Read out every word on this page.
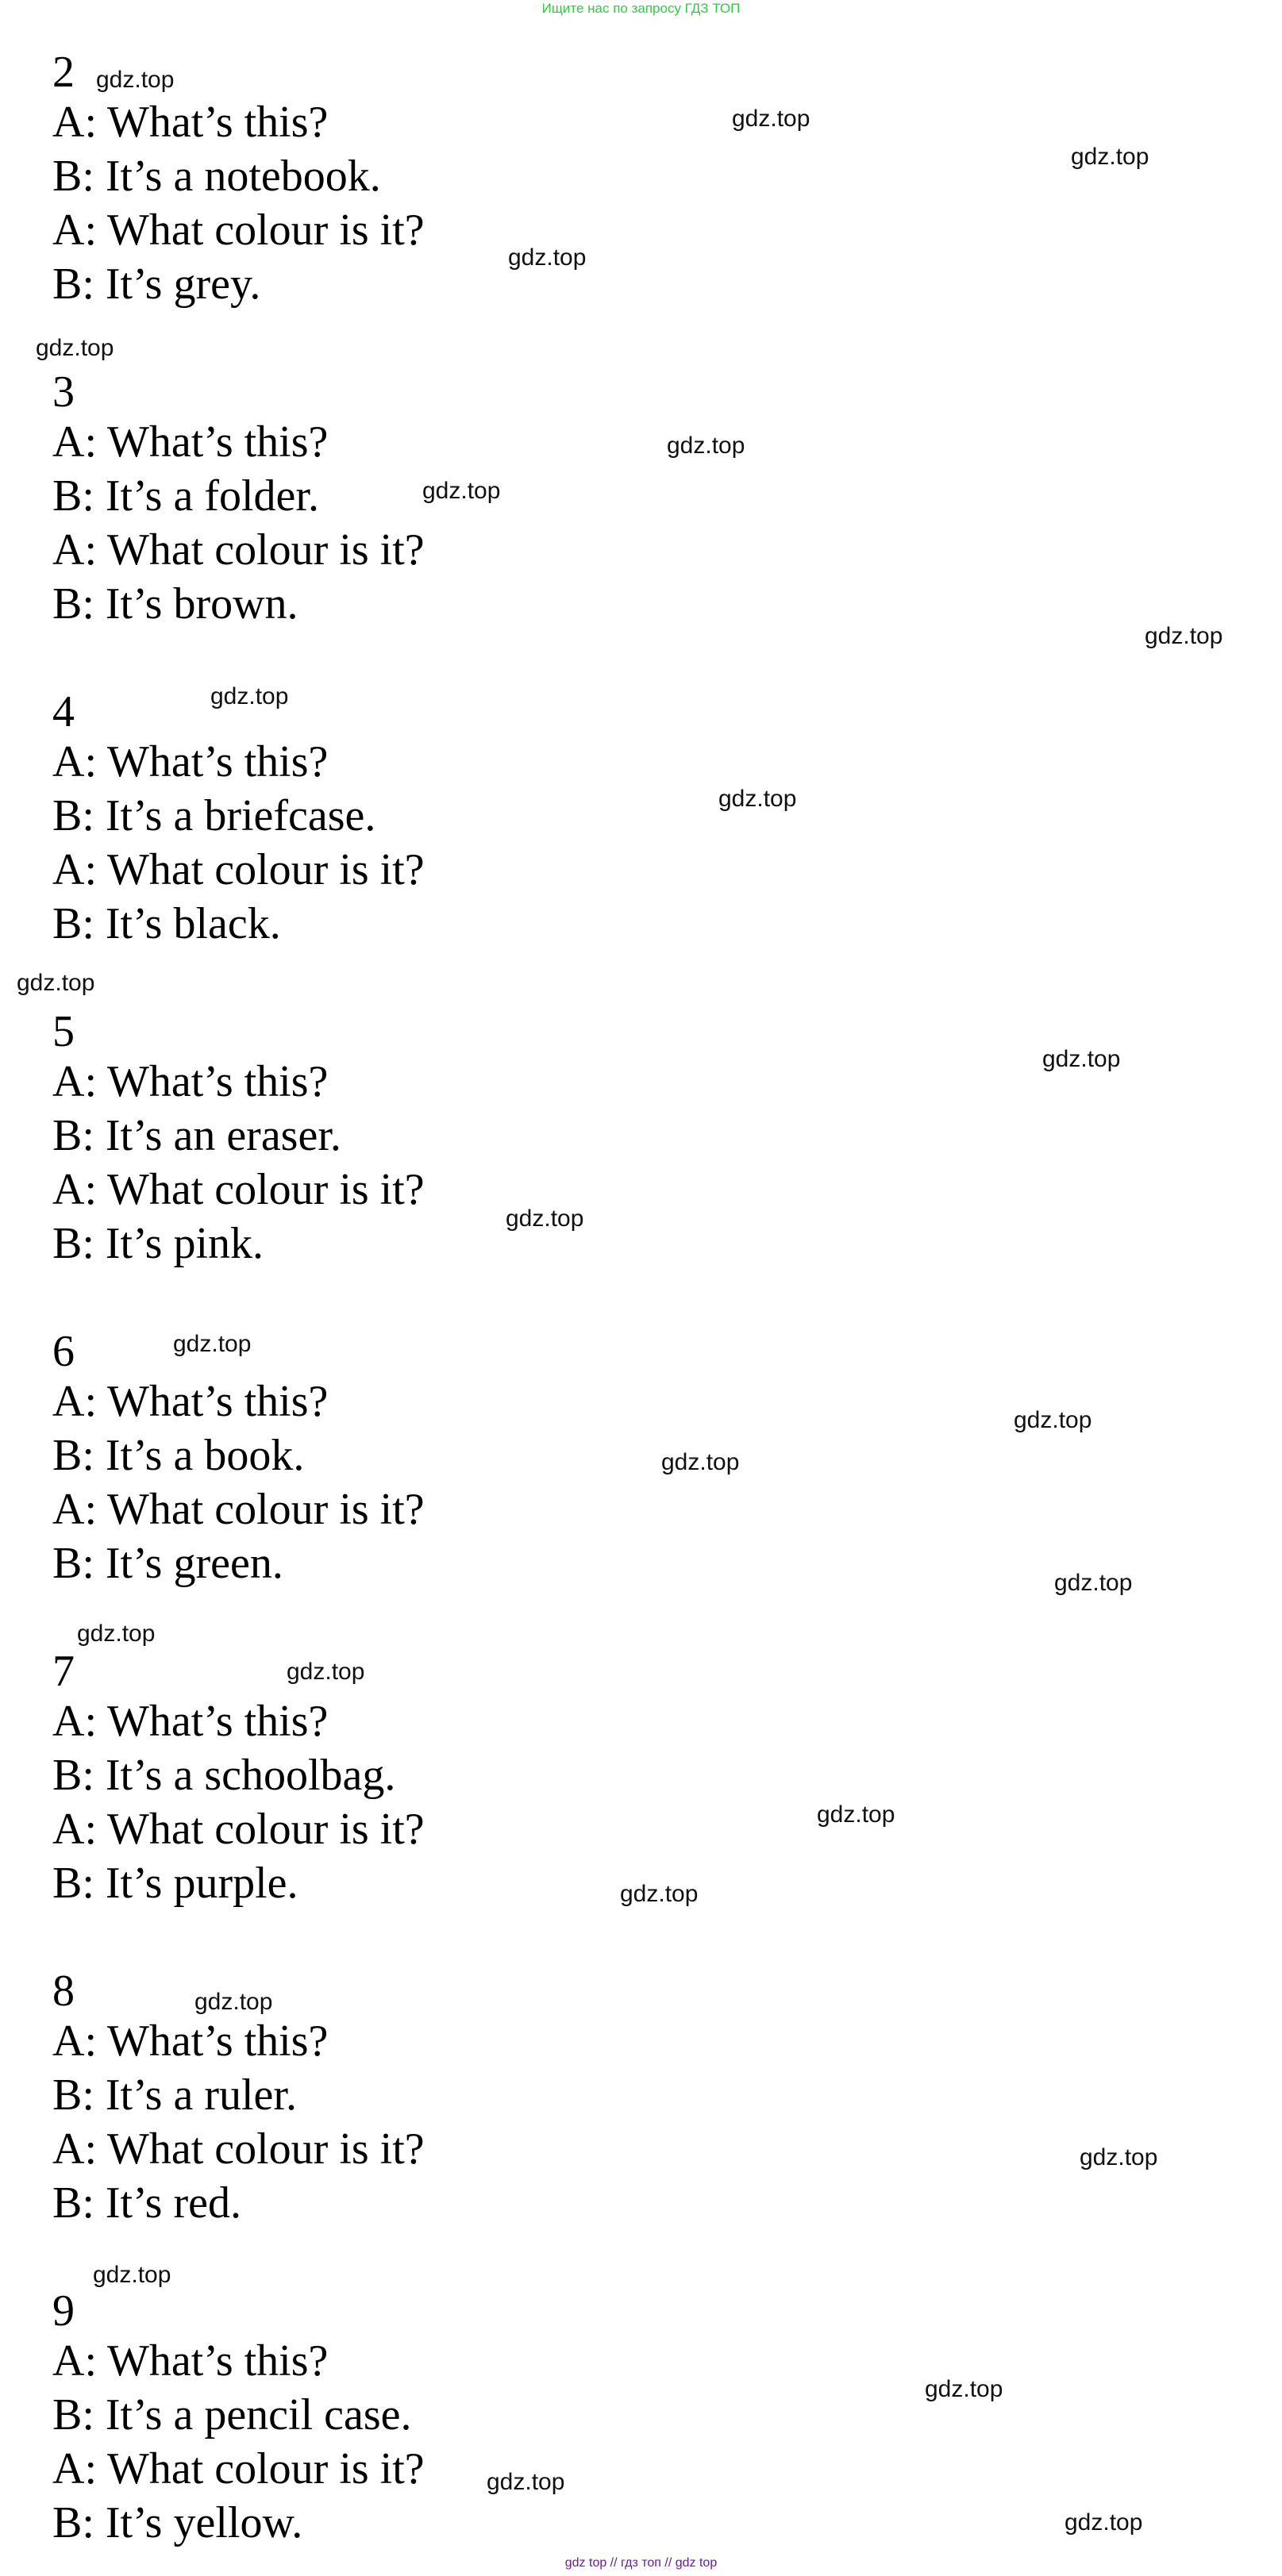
Ищите нас по запросу ГДЗ ТОП
2
A: What’s this?
B: It’s a notebook.
A: What colour is it?
B: It’s grey.
3
A: What’s this?
B: It’s a folder.
A: What colour is it?
B: It’s brown.
4
A: What’s this?
B: It’s a briefcase.
A: What colour is it?
B: It’s black.
5
A: What’s this?
B: It’s an eraser.
A: What colour is it?
B: It’s pink.
6
A: What’s this?
B: It’s a book.
A: What colour is it?
B: It’s green.
7
A: What’s this?
B: It’s a schoolbag.
A: What colour is it?
B: It’s purple.
8
A: What’s this?
B: It’s a ruler.
A: What colour is it?
B: It’s red.
9
A: What’s this?
B: It’s a pencil case.
A: What colour is it?
B: It’s yellow.
gdz.top
gdz.top
gdz.top
gdz.top
gdz.top
gdz.top
gdz.top
gdz.top
gdz.top
gdz.top
gdz.top
gdz.top
gdz.top
gdz.top
gdz.top
gdz.top
gdz.top
gdz.top
gdz.top
gdz.top
gdz.top
gdz.top
gdz.top
gdz.top
gdz.top
gdz.top
gdz.top
gdz top // гдз топ // gdz top
